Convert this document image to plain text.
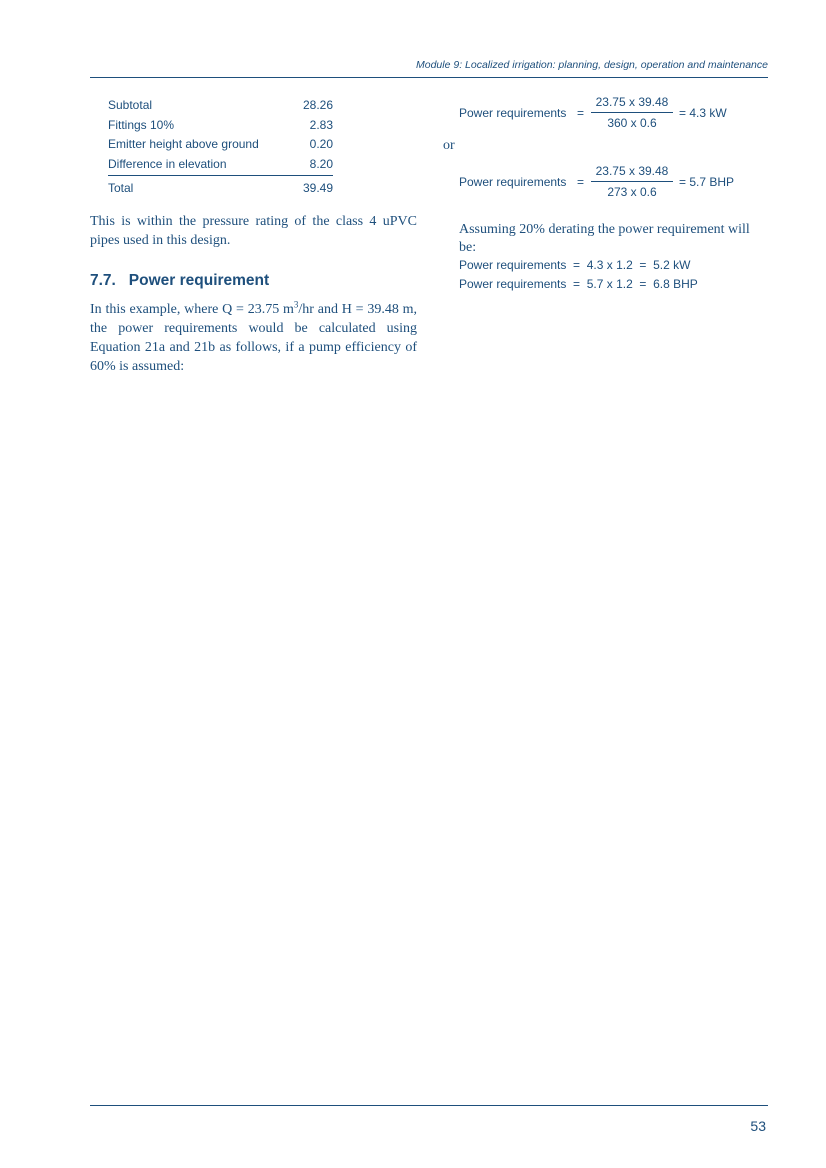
Module 9: Localized irrigation: planning, design, operation and maintenance
Subtotal	28.26
Fittings 10%	2.83
Emitter height above ground	0.20
Difference in elevation	8.20
Total	39.49

This is within the pressure rating of the class 4 uPVC pipes used in this design.

7.7. Power requirement

In this example, where Q = 23.75 $m^3/hr$ and H = 39.48 m, the power requirements would be calculated using Equation 21a and 21b as follows, if a pump efficiency of 60% is assumed:

Power requirements = $\frac{23.75 x 39.48}{360 x 0.6} = 4.3$ kW
or
Power requirements = $\frac{23.75 x 39.48}{273 x 0.6} = 5.7$ BHP

Assuming 20% derating the power requirement will be:

Power requirements  =  4.3 x 1.2  =  5.2 kW
Power requirements  =  5.7 x 1.2  =  6.8 BHP
53
